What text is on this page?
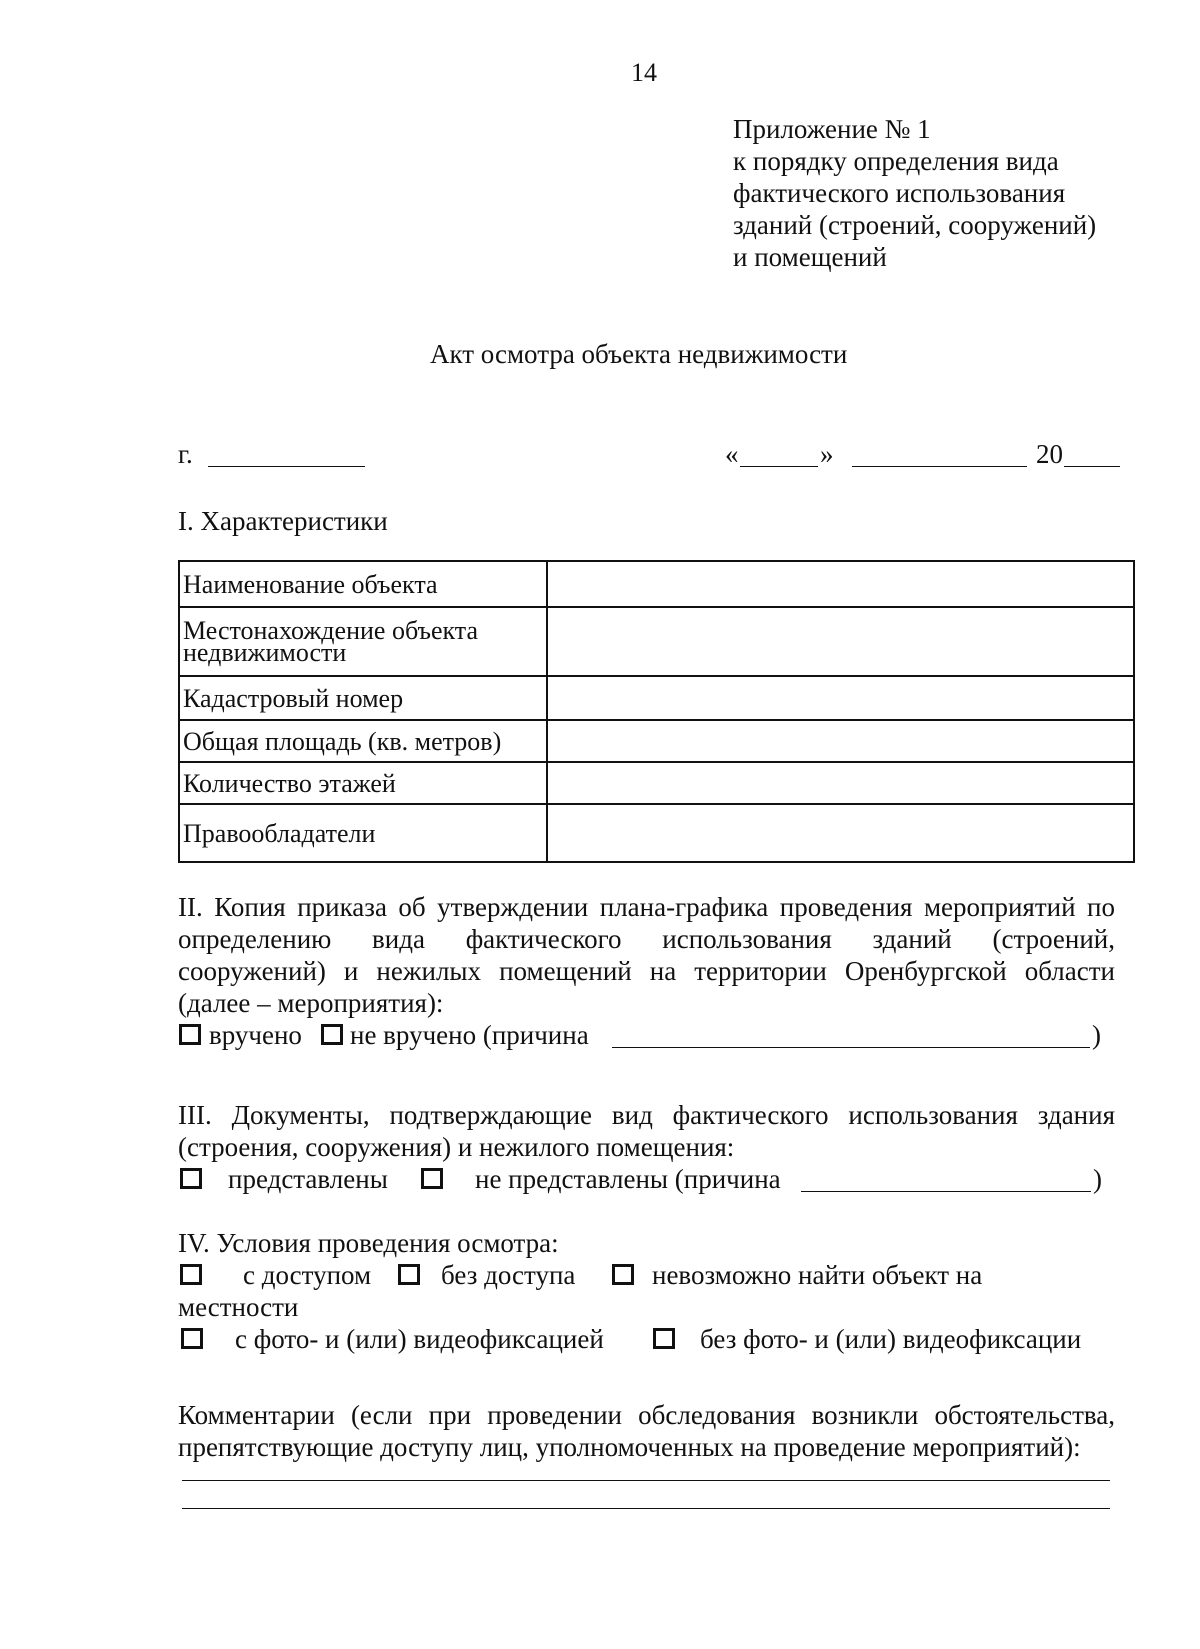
14
Приложение № 1
к порядку определения вида
фактического использования
зданий (строений, сооружений)
и помещений
Акт осмотра объекта недвижимости
г.	«	»	20
I. Характеристики
Наименование объекта	
Местонахождение объекта недвижимости	
Кадастровый номер	
Общая площадь (кв. метров)	
Количество этажей	
Правообладатели	
II. Копия приказа об утверждении плана-графика проведения мероприятий по
определению вида фактического использования зданий (строений,
сооружений) и нежилых помещений на территории Оренбургской области
(далее – мероприятия):
вручено не вручено (причина	)
III. Документы, подтверждающие вид фактического использования здания
(строения, сооружения) и нежилого помещения:
представлены	не представлены (причина	)
IV. Условия проведения осмотра:
с доступом	без доступа	невозможно найти объект на
местности
с фото- и (или) видеофиксацией	без фото- и (или) видеофиксации
Комментарии (если при проведении обследования возникли обстоятельства,
препятствующие доступу лиц, уполномоченных на проведение мероприятий):
